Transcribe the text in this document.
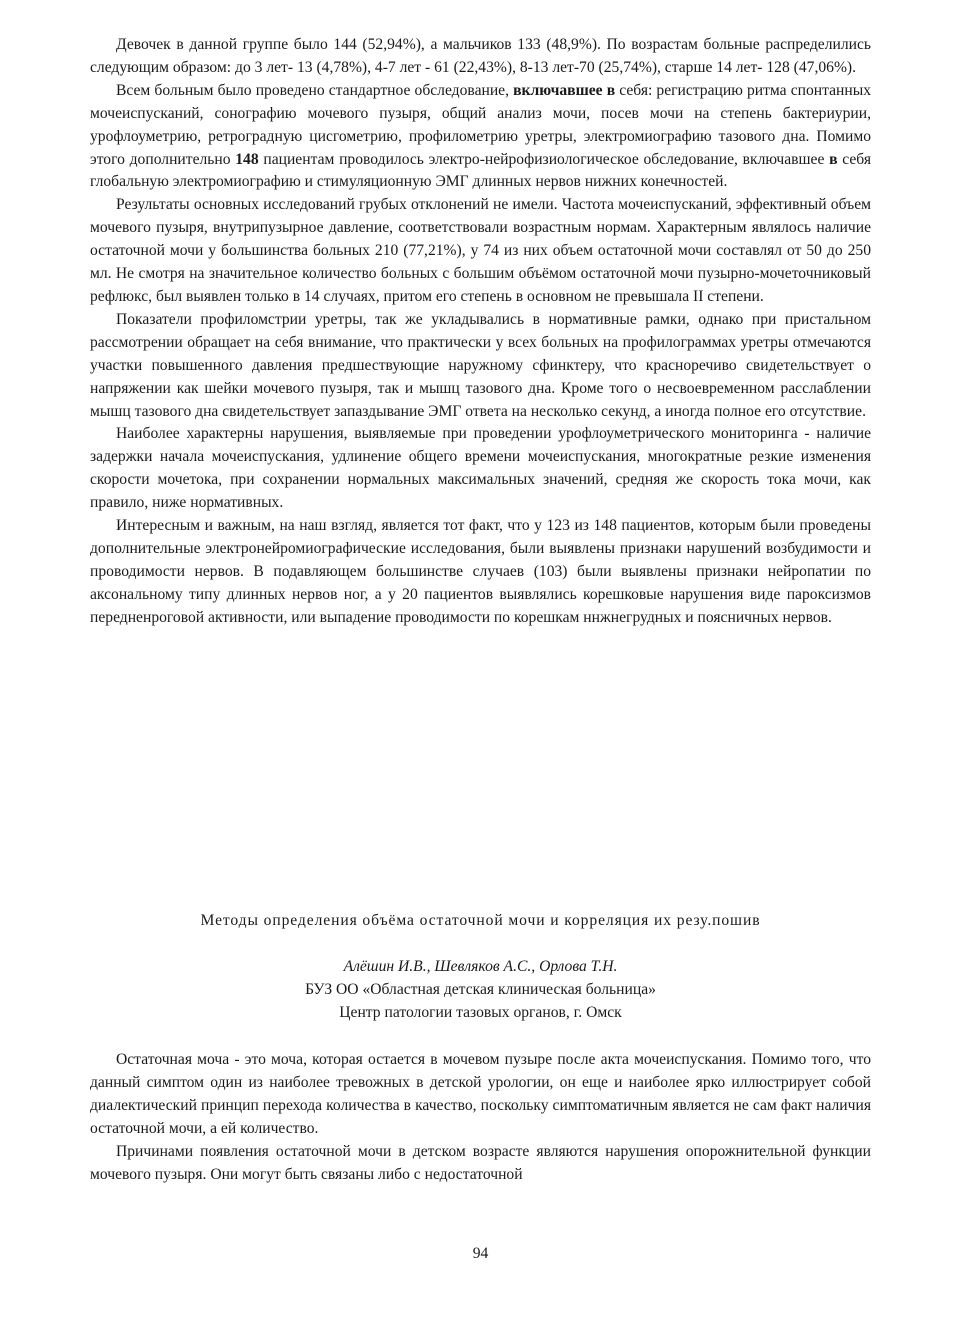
Девочек в данной группе было 144 (52,94%), а мальчиков 133 (48,9%). По возрастам больные распределились следующим образом: до 3 лет- 13 (4,78%), 4-7 лет - 61 (22,43%), 8-13 лет-70 (25,74%), старше 14 лет- 128 (47,06%).

Всем больным было проведено стандартное обследование, включавшее в себя: регистрацию ритма спонтанных мочеиспусканий, сонографию мочевого пузыря, общий анализ мочи, посев мочи на степень бактериурии, урофлоуметрию, ретроградную цисгометрию, профилометрию уретры, электромиографию тазового дна. Помимо этого дополнительно 148 пациентам проводилось электро-нейрофизиологическое обследование, включавшее в себя глобальную электромиографию и стимуляционную ЭМГ длинных нервов нижних конечностей.

Результаты основных исследований грубых отклонений не имели. Частота мочеиспусканий, эффективный объем мочевого пузыря, внутрипузырное давление, соответствовали возрастным нормам. Характерным являлось наличие остаточной мочи у большинства больных 210 (77,21%), у 74 из них объем остаточной мочи составлял от 50 до 250 мл. Не смотря на значительное количество больных с большим объёмом остаточной мочи пузырно-мочеточниковый рефлюкс, был выявлен только в 14 случаях, притом его степень в основном не превышала II степени.

Показатели профиломстрии уретры, так же укладывались в нормативные рамки, однако при пристальном рассмотрении обращает на себя внимание, что практически у всех больных на профилограммах уретры отмечаются участки повышенного давления предшествующие наружному сфинктеру, что красноречиво свидетельствует о напряжении как шейки мочевого пузыря, так и мышц тазового дна. Кроме того о несвоевременном расслаблении мышц тазового дна свидетельствует запаздывание ЭМГ ответа на несколько секунд, а иногда полное его отсутствие.

Наиболее характерны нарушения, выявляемые при проведении урофлоуметрического мониторинга - наличие задержки начала мочеиспускания, удлинение общего времени мочеиспускания, многократные резкие изменения скорости мочетока, при сохранении нормальных максимальных значений, средняя же скорость тока мочи, как правило, ниже нормативных.

Интересным и важным, на наш взгляд, является тот факт, что у 123 из 148 пациентов, которым были проведены дополнительные электронейромиографические исследования, были выявлены признаки нарушений возбудимости и проводимости нервов. В подавляющем большинстве случаев (103) были выявлены признаки нейропатии по аксональному типу длинных нервов ног, а у 20 пациентов выявлялись корешковые нарушения виде пароксизмов передненроговой активности, или выпадение проводимости по корешкам ннжнегрудных и поясничных нервов.

Методы определения объёма остаточной мочи и корреляция их резу.пошив

Алёшин И.В., Шевляков А.С., Орлова Т.Н.
БУЗ ОО «Областная детская клиническая больница»
Центр патологии тазовых органов, г. Омск

Остаточная моча - это моча, которая остается в мочевом пузыре после акта мочеиспускания. Помимо того, что данный симптом один из наиболее тревожных в детской урологии, он еще и наиболее ярко иллюстрирует собой диалектический принцип перехода количества в качество, поскольку симптоматичным является не сам факт наличия остаточной мочи, а ей количество.

Причинами появления остаточной мочи в детском возрасте являются нарушения опорожнительной функции мочевого пузыря. Они могут быть связаны либо с недостаточной

94
